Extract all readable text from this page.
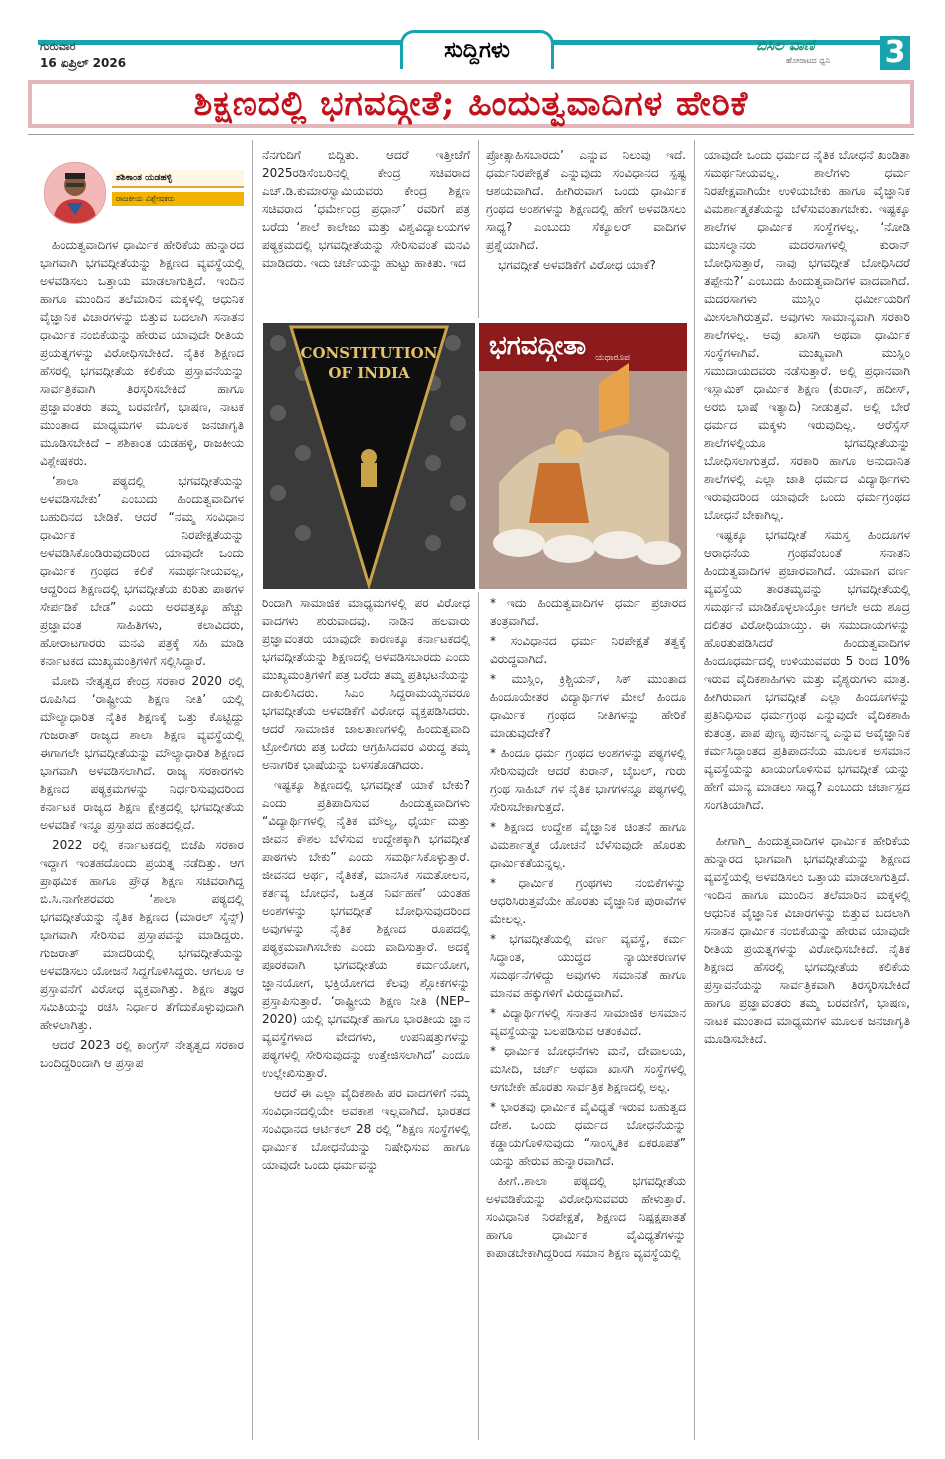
ಗುರುವಾರ
16 ಏಪ್ರಿಲ್ 2026	ಸುದ್ದಿಗಳು	ಬಿಸಿಲ ವಾಣಿ
ಹೋರಾಟದ ಧ್ವನಿ 3
ಶಿಕ್ಷಣದಲ್ಲಿ ಭಗವದ್ಗೀತೆ; ಹಿಂದುತ್ವವಾದಿಗಳ ಹೇರಿಕೆ
ಶಶಿಕಾಂತ ಯಡಹಳ್ಳಿ
ರಾಜಕೀಯ ವಿಶ್ಲೇಷಕರು

ಹಿಂದುತ್ವವಾದಿಗಳ ಧಾರ್ಮಿಕ ಹೇರಿಕೆಯ ಹುನ್ನಾರದ ಭಾಗವಾಗಿ ಭಗವದ್ಗೀತೆಯನ್ನು ಶಿಕ್ಷಣದ ವ್ಯವಸ್ಥೆಯಲ್ಲಿ ಅಳವಡಿಸಲು ಒತ್ತಾಯ ಮಾಡಲಾಗುತ್ತಿದೆ. ಇಂದಿನ ಹಾಗೂ ಮುಂದಿನ ತಲೆಮಾರಿನ ಮಕ್ಕಳಲ್ಲಿ ಆಧುನಿಕ ವೈಜ್ಞಾನಿಕ ವಿಚಾರಗಳನ್ನು ಬಿತ್ತುವ ಬದಲಾಗಿ ಸನಾತನ ಧಾರ್ಮಿಕ ನಂಬಿಕೆಯನ್ನು ಹೇರುವ ಯಾವುದೇ ರೀತಿಯ ಪ್ರಯತ್ನಗಳನ್ನು ವಿರೋಧಿಸಬೇಕಿದೆ. ನೈತಿಕ ಶಿಕ್ಷಣದ ಹೆಸರಲ್ಲಿ ಭಗವದ್ಗೀತೆಯ ಕಲಿಕೆಯ ಪ್ರಸ್ತಾವನೆಯನ್ನು ಸಾರ್ವತ್ರಿಕವಾಗಿ ತಿರಸ್ಕರಿಸಬೇಕಿದೆ ಹಾಗೂ ಪ್ರಜ್ಞಾವಂತರು ತಮ್ಮ ಬರವಣಿಗೆ, ಭಾಷಣ, ನಾಟಕ ಮುಂತಾದ ಮಾಧ್ಯಮಗಳ ಮೂಲಕ ಜನಜಾಗೃತಿ ಮೂಡಿಸಬೇಕಿದೆ – ಶಶಿಕಾಂತ ಯಡಹಳ್ಳಿ, ರಾಜಕೀಯ ವಿಶ್ಲೇಷಕರು.

‘ಶಾಲಾ ಪಠ್ಯದಲ್ಲಿ ಭಗವದ್ಗೀತೆಯನ್ನು ಅಳವಡಿಸಬೇಕು’ ಎಂಬುದು ಹಿಂದುತ್ವವಾದಿಗಳ ಬಹುದಿನದ ಬೇಡಿಕೆ. ಆದರೆ “ನಮ್ಮ ಸಂವಿಧಾನ ಧಾರ್ಮಿಕ ನಿರಪೇಕ್ಷತೆಯನ್ನು ಅಳವಡಿಸಿಕೊಂಡಿರುವುದರಿಂದ ಯಾವುದೇ ಒಂದು ಧಾರ್ಮಿಕ ಗ್ರಂಥದ ಕಲಿಕೆ ಸಮರ್ಥನೀಯವಲ್ಲ, ಆದ್ದರಿಂದ ಶಿಕ್ಷಣದಲ್ಲಿ ಭಗವದ್ಗೀತೆಯ ಕುರಿತು ಪಾಠಗಳ ಸೇರ್ಪಡಿಕೆ ಬೇಡ” ಎಂದು ಅರವತ್ತಕ್ಕೂ ಹೆಚ್ಚು ಪ್ರಜ್ಞಾವಂತ ಸಾಹಿತಿಗಳು, ಕಲಾವಿದರು, ಹೋರಾಟಗಾರರು ಮನವಿ ಪತ್ರಕ್ಕೆ ಸಹಿ ಮಾಡಿ ಕರ್ನಾಟಕದ ಮುಖ್ಯಮಂತ್ರಿಗಳಿಗೆ ಸಲ್ಲಿಸಿದ್ದಾರೆ.

ಮೋದಿ ನೇತೃತ್ವದ ಕೇಂದ್ರ ಸರಕಾರ 2020 ರಲ್ಲಿ ರೂಪಿಸಿದ ‘ರಾಷ್ಟ್ರೀಯ ಶಿಕ್ಷಣ ನೀತಿ’ ಯಲ್ಲಿ ಮೌಲ್ಯಾಧಾರಿತ ನೈತಿಕ ಶಿಕ್ಷಣಕ್ಕೆ ಒತ್ತು ಕೊಟ್ಟಿದ್ದು ಗುಜರಾತ್ ರಾಜ್ಯದ ಶಾಲಾ ಶಿಕ್ಷಣ ವ್ಯವಸ್ಥೆಯಲ್ಲಿ ಈಗಾಗಲೇ ಭಗವದ್ಗೀತೆಯನ್ನು ಮೌಲ್ಯಾಧಾರಿತ ಶಿಕ್ಷಣದ ಭಾಗವಾಗಿ ಅಳವಡಿಸಲಾಗಿದೆ. ರಾಜ್ಯ ಸರಕಾರಗಳು ಶಿಕ್ಷಣದ ಪಠ್ಯಕ್ರಮಗಳನ್ನು ನಿರ್ಧರಿಸುವುದರಿಂದ ಕರ್ನಾಟಕ ರಾಜ್ಯದ ಶಿಕ್ಷಣ ಕ್ಷೇತ್ರದಲ್ಲಿ ಭಗವದ್ಗೀತೆಯ ಅಳವಡಿಕೆ ಇನ್ನೂ ಪ್ರಸ್ತಾಪದ ಹಂತದಲ್ಲಿದೆ.

2022 ರಲ್ಲಿ ಕರ್ನಾಟಕದಲ್ಲಿ ಬಿಜೆಪಿ ಸರಕಾರ ಇದ್ದಾಗ ಇಂತಹದೊಂದು ಪ್ರಯತ್ನ ನಡೆದಿತ್ತು. ಆಗ ಪ್ರಾಥಮಿಕ ಹಾಗೂ ಪ್ರೌಢ ಶಿಕ್ಷಣ ಸಚಿವರಾಗಿದ್ದ ಬಿ.ಸಿ.ನಾಗೇಶರವರು ‘ಶಾಲಾ ಪಠ್ಯದಲ್ಲಿ ಭಗವದ್ಗೀತೆಯನ್ನು ನೈತಿಕ ಶಿಕ್ಷಣದ (ಮಾರಲ್ ಸೈನ್ಸ್) ಭಾಗವಾಗಿ ಸೇರಿಸುವ ಪ್ರಸ್ತಾಪವನ್ನು ಮಾಡಿದ್ದರು. ಗುಜರಾತ್ ಮಾದರಿಯಲ್ಲಿ ಭಗವದ್ಗೀತೆಯನ್ನು ಅಳವಡಿಸಲು ಯೋಜನೆ ಸಿದ್ದಗೊಳಿಸಿದ್ದರು. ಆಗಲೂ ಆ ಪ್ರಸ್ತಾವನೆಗೆ ವಿರೋಧ ವ್ಯಕ್ತವಾಗಿತ್ತು. ಶಿಕ್ಷಣ ತಜ್ಞರ ಸಮಿತಿಯನ್ನು ರಚಿಸಿ ನಿರ್ಧಾರ ತೆಗೆದುಕೊಳ್ಳುವುದಾಗಿ ಹೇಳಲಾಗಿತ್ತು.

ಆದರೆ 2023 ರಲ್ಲಿ ಕಾಂಗ್ರೆಸ್ ನೇತೃತ್ವದ ಸರಕಾರ ಬಂದಿದ್ದರಿಂದಾಗಿ ಆ ಪ್ರಸ್ತಾಪ

ನೆನಗುದಿಗೆ ಬಿದ್ದಿತು. ಆದರೆ ಇತ್ತೀಚೆಗೆ 2025ರಡಿಸೆಂಬರಿನಲ್ಲಿ ಕೇಂದ್ರ ಸಚಿವರಾದ ಎಚ್.ಡಿ.ಕುಮಾರಸ್ವಾಮಿಯವರು ಕೇಂದ್ರ ಶಿಕ್ಷಣ ಸಚಿವರಾದ ‘ಧರ್ಮೇಂದ್ರ ಪ್ರಧಾನ್’ ರವರಿಗೆ ಪತ್ರ ಬರೆದು ‘ಶಾಲೆ ಕಾಲೇಜು ಮತ್ತು ವಿಶ್ವವಿದ್ಯಾಲಯಗಳ ಪಠ್ಯಕ್ರಮದಲ್ಲಿ ಭಗವದ್ಗೀತೆಯನ್ನು ಸೇರಿಸುವಂತೆ ಮನವಿ ಮಾಡಿದರು. ಇದು ಚರ್ಚೆಯನ್ನು ಹುಟ್ಟು ಹಾಕಿತು. ಇದ

ಪ್ರೋತ್ಸಾಹಿಸಬಾರದು’ ಎನ್ನುವ ನಿಲುವು ಇದೆ. ಧರ್ಮನಿರಪೇಕ್ಷತೆ ಎನ್ನುವುದು ಸಂವಿಧಾನದ ಸ್ಪಷ್ಟ ಆಶಯವಾಗಿದೆ. ಹೀಗಿರುವಾಗ ಒಂದು ಧಾರ್ಮಿಕ ಗ್ರಂಥದ ಅಂಶಗಳನ್ನು ಶಿಕ್ಷಣದಲ್ಲಿ ಹೇಗೆ ಅಳವಡಿಸಲು ಸಾಧ್ಯ? ಎಂಬುದು ಸೆಕ್ಯೂಲರ್ ವಾದಿಗಳ ಪ್ರಶ್ನೆಯಾಗಿದೆ.

ಭಗವದ್ಗೀತೆ ಅಳವಡಿಕೆಗೆ ವಿರೋಧ ಯಾಕೆ?

CONSTITUTION OF INDIA
ಭಗವದ್ಗೀತಾ ಯಥಾರೂಪ

ರಿಂದಾಗಿ ಸಾಮಾಜಿಕ ಮಾಧ್ಯಮಗಳಲ್ಲಿ ಪರ ವಿರೋಧ ವಾದಗಳು ಶುರುವಾದವು. ನಾಡಿನ ಹಲವಾರು ಪ್ರಜ್ಞಾವಂತರು ಯಾವುದೇ ಕಾರಣಕ್ಕೂ ಕರ್ನಾಟಕದಲ್ಲಿ ಭಗವದ್ಗೀತೆಯನ್ನು ಶಿಕ್ಷಣದಲ್ಲಿ ಅಳವಡಿಸಬಾರದು ಎಂದು ಮುಖ್ಯಮಂತ್ರಿಗಳಿಗೆ ಪತ್ರ ಬರೆದು ತಮ್ಮ ಪ್ರತಿಭಟನೆಯನ್ನು ದಾಖಲಿಸಿದರು. ಸಿಎಂ ಸಿದ್ದರಾಮಯ್ಯನವರೂ ಭಗವದ್ಗೀತೆಯ ಅಳವಡಿಕೆಗೆ ವಿರೋಧ ವ್ಯಕ್ತಪಡಿಸಿದರು. ಆದರೆ ಸಾಮಾಜಿಕ ಜಾಲತಾಣಗಳಲ್ಲಿ ಹಿಂದುತ್ವವಾದಿ ಟ್ರೋಲಿಗರು ಪತ್ರ ಬರೆದು ಆಗ್ರಹಿಸಿದವರ ವಿರುದ್ಧ ತಮ್ಮ ಅನಾಗರಿಕ ಭಾಷೆಯನ್ನು ಬಳಸತೊಡಗಿದರು.

ಇಷ್ಟಕ್ಕೂ ಶಿಕ್ಷಣದಲ್ಲಿ ಭಗವದ್ಗೀತೆ ಯಾಕೆ ಬೇಕು? ಎಂದು ಪ್ರತಿಪಾದಿಸುವ ಹಿಂದುತ್ವವಾದಿಗಳು “ವಿದ್ಯಾರ್ಥಿಗಳಲ್ಲಿ ನೈತಿಕ ಮೌಲ್ಯ, ಧೈರ್ಯ ಮತ್ತು ಜೀವನ ಕೌಶಲ ಬೆಳೆಸುವ ಉದ್ದೇಶಕ್ಕಾಗಿ ಭಗವದ್ಗೀತೆ ಪಾಠಗಳು ಬೇಕು” ಎಂದು ಸಮರ್ಥಿಸಿಕೊಳ್ಳುತ್ತಾರೆ. ಜೀವನದ ಅರ್ಥ, ನೈತಿಕತೆ, ಮಾನಸಿಕ ಸಮತೋಲನ, ಕರ್ತವ್ಯ ಬೋಧನೆ, ಒತ್ತಡ ನಿರ್ವಹಣೆ’ ಯಂತಹ ಅಂಶಗಳನ್ನು ಭಗವದ್ಗೀತೆ ಬೋಧಿಸುವುದರಿಂದ ಅವುಗಳನ್ನು ನೈತಿಕ ಶಿಕ್ಷಣದ ರೂಪದಲ್ಲಿ ಪಠ್ಯಕ್ರಮವಾಗಿಸಬೇಕು ಎಂದು ವಾದಿಸುತ್ತಾರೆ. ಅದಕ್ಕೆ ಪೂರಕವಾಗಿ ಭಗವದ್ಗೀತೆಯ ಕರ್ಮಯೋಗ, ಜ್ಞಾನಯೋಗ, ಭಕ್ತಿಯೋಗದ ಕೆಲವು ಶ್ಲೋಕಗಳನ್ನು ಪ್ರಸ್ತಾಪಿಸುತ್ತಾರೆ. ‘ರಾಷ್ಟ್ರೀಯ ಶಿಕ್ಷಣ ನೀತಿ (NEP–2020) ಯಲ್ಲಿ ಭಗವದ್ಗೀತೆ ಹಾಗೂ ಭಾರತೀಯ ಜ್ಞಾನ ವ್ಯವಸ್ಥೆಗಳಾದ ವೇದಗಳು, ಉಪನಿಷತ್ತುಗಳನ್ನು ಪಠ್ಯಗಳಲ್ಲಿ ಸೇರಿಸುವುದನ್ನು ಉತ್ತೇಜಿಸಲಾಗಿದೆ’ ಎಂದೂ ಉಲ್ಲೇಖಿಸುತ್ತಾರೆ.

ಆದರೆ ಈ ಎಲ್ಲಾ ವೈದಿಕಶಾಹಿ ಪರ ವಾದಗಳಿಗೆ ನಮ್ಮ ಸಂವಿಧಾನದಲ್ಲಿಯೇ ಅವಕಾಶ ಇಲ್ಲವಾಗಿದೆ. ಭಾರತದ ಸಂವಿಧಾನದ ಆರ್ಟಿಕಲ್ 28 ರಲ್ಲಿ “ಶಿಕ್ಷಣ ಸಂಸ್ಥೆಗಳಲ್ಲಿ ಧಾರ್ಮಿಕ ಬೋಧನೆಯನ್ನು ನಿಷೇಧಿಸುವ ಹಾಗೂ ಯಾವುದೇ ಒಂದು ಧರ್ಮವನ್ನು

* ಇದು ಹಿಂದುತ್ವವಾದಿಗಳ ಧರ್ಮ ಪ್ರಚಾರದ ತಂತ್ರವಾಗಿದೆ.

* ಸಂವಿಧಾನದ ಧರ್ಮ ನಿರಪೇಕ್ಷತೆ ತತ್ವಕ್ಕೆ ವಿರುದ್ಧವಾಗಿದೆ.

* ಮುಸ್ಲಿಂ, ಕ್ರಿಶ್ಚಿಯನ್, ಸಿಕ್ ಮುಂತಾದ ಹಿಂದೂಯೇತರ ವಿದ್ಯಾರ್ಥಿಗಳ ಮೇಲೆ ಹಿಂದೂ ಧಾರ್ಮಿಕ ಗ್ರಂಥದ ನೀತಿಗಳನ್ನು ಹೇರಿಕೆ ಮಾಡುವುದೇಕೆ?

* ಹಿಂದೂ ಧರ್ಮ ಗ್ರಂಥದ ಅಂಶಗಳನ್ನು ಪಠ್ಯಗಳಲ್ಲಿ ಸೇರಿಸುವುದೇ ಆದರೆ ಕುರಾನ್, ಬೈಬಲ್, ಗುರು ಗ್ರಂಥ ಸಾಹಿಬ್ ಗಳ ನೈತಿಕ ಭಾಗಗಳನ್ನೂ ಪಠ್ಯಗಳಲ್ಲಿ ಸೇರಿಸಬೇಕಾಗುತ್ತದೆ.

* ಶಿಕ್ಷಣದ ಉದ್ದೇಶ ವೈಜ್ಞಾನಿಕ ಚಿಂತನೆ ಹಾಗೂ ವಿಮರ್ಶಾತ್ಮಕ ಯೋಚನೆ ಬೆಳೆಸುವುದೇ ಹೊರತು ಧಾರ್ಮಿಕತೆಯನ್ನಲ್ಲ.

* ಧಾರ್ಮಿಕ ಗ್ರಂಥಗಳು ನಂಬಿಕೆಗಳನ್ನು ಆಧರಿಸಿರುತ್ತವೆಯೇ ಹೊರತು ವೈಜ್ಞಾನಿಕ ಪುರಾವೆಗಳ ಮೇಲಲ್ಲ.

* ಭಗವದ್ಗೀತೆಯಲ್ಲಿ ವರ್ಣ ವ್ಯವಸ್ಥೆ, ಕರ್ಮ ಸಿದ್ಧಾಂತ, ಯುದ್ಧದ ನ್ಯಾಯೀಕರಣಗಳ ಸಮರ್ಥನೆಗಳಿದ್ದು ಅವುಗಳು ಸಮಾನತೆ ಹಾಗೂ ಮಾನವ ಹಕ್ಕುಗಳಿಗೆ ವಿರುದ್ಧವಾಗಿವೆ.

* ವಿದ್ಯಾರ್ಥಿಗಳಲ್ಲಿ ಸನಾತನ ಸಾಮಾಜಿಕ ಅಸಮಾನ ವ್ಯವಸ್ಥೆಯನ್ನು ಬಲಪಡಿಸುವ ಆತಂಕವಿದೆ.

* ಧಾರ್ಮಿಕ ಬೋಧನೆಗಳು ಮನೆ, ದೇವಾಲಯ, ಮಸೀದಿ, ಚರ್ಚ್ ಅಥವಾ ಖಾಸಗಿ ಸಂಸ್ಥೆಗಳಲ್ಲಿ ಆಗಬೇಕೇ ಹೊರತು ಸಾರ್ವತ್ರಿಕ ಶಿಕ್ಷಣದಲ್ಲಿ ಅಲ್ಲ.

* ಭಾರತವು ಧಾರ್ಮಿಕ ವೈವಿಧ್ಯತೆ ಇರುವ ಬಹುತ್ವದ ದೇಶ. ಒಂದು ಧರ್ಮದ ಬೋಧನೆಯನ್ನು ಕಡ್ಡಾಯಗೊಳಿಸುವುದು “ಸಾಂಸ್ಕೃತಿಕ ಏಕರೂಪತೆ” ಯನ್ನು ಹೇರುವ ಹುನ್ನಾರವಾಗಿದೆ.

ಹೀಗೆ..ಶಾಲಾ ಪಠ್ಯದಲ್ಲಿ ಭಗವದ್ಗೀತೆಯ ಅಳವಡಿಕೆಯನ್ನು ವಿರೋಧಿಸುವವರು ಹೇಳುತ್ತಾರೆ. ಸಂವಿಧಾನಿಕ ನಿರಪೇಕ್ಷತೆ, ಶಿಕ್ಷಣದ ನಿಷ್ಪಕ್ಷಪಾತತೆ ಹಾಗೂ ಧಾರ್ಮಿಕ ವೈವಿಧ್ಯತೆಗಳನ್ನು ಕಾಪಾಡಬೇಕಾಗಿದ್ದರಿಂದ ಸಮಾನ ಶಿಕ್ಷಣ ವ್ಯವಸ್ಥೆಯಲ್ಲಿ

ಯಾವುದೇ ಒಂದು ಧರ್ಮದ ನೈತಿಕ ಬೋಧನೆ ಖಂಡಿತಾ ಸಮರ್ಥನೀಯವಲ್ಲ. ಶಾಲೆಗಳು ಧರ್ಮ ನಿರಪೇಕ್ಷವಾಗಿಯೇ ಉಳಿಯಬೇಕು ಹಾಗೂ ವೈಜ್ಞಾನಿಕ ವಿಮರ್ಶಾತ್ಮಕತೆಯನ್ನು ಬೆಳೆಸುವಂತಾಗಬೇಕು. ಇಷ್ಟಕ್ಕೂ ಶಾಲೆಗಳ ಧಾರ್ಮಿಕ ಸಂಸ್ಥೆಗಳಲ್ಲ. ‘ನೋಡಿ ಮುಸಲ್ಮಾನರು ಮದರಸಾಗಳಲ್ಲಿ ಕುರಾನ್ ಬೋಧಿಸುತ್ತಾರೆ, ನಾವು ಭಗವದ್ಗೀತೆ ಬೋಧಿಸಿದರೆ ತಪ್ಪೇನು?’ ಎಂಬುದು ಹಿಂದುತ್ವವಾದಿಗಳ ವಾದವಾಗಿದೆ. ಮದರಸಾಗಳು ಮುಸ್ಲಿಂ ಧರ್ಮೀಯರಿಗೆ ಮೀಸಲಾಗಿರುತ್ತವೆ. ಅವುಗಳು ಸಾಮಾನ್ಯವಾಗಿ ಸರಕಾರಿ ಶಾಲೆಗಳಲ್ಲ. ಅವು ಖಾಸಗಿ ಅಥವಾ ಧಾರ್ಮಿಕ ಸಂಸ್ಥೆಗಳಾಗಿವೆ. ಮುಖ್ಯವಾಗಿ ಮುಸ್ಲಿಂ ಸಮುದಾಯದವರು ನಡೆಸುತ್ತಾರೆ. ಅಲ್ಲಿ ಪ್ರಧಾನವಾಗಿ ಇಸ್ಲಾಮಿಕ್ ಧಾರ್ಮಿಕ ಶಿಕ್ಷಣ (ಕುರಾನ್, ಹದೀಸ್, ಅರಬಿ ಭಾಷೆ ಇತ್ಯಾದಿ) ನೀಡುತ್ತವೆ. ಅಲ್ಲಿ ಬೇರೆ ಧರ್ಮದ ಮಕ್ಕಳು ಇರುವುದಿಲ್ಲ. ಆರೆಸ್ಸೆಸ್ ಶಾಲೆಗಳಲ್ಲಿಯೂ ಭಗವದ್ಗೀತೆಯನ್ನು ಬೋಧಿಸಲಾಗುತ್ತದೆ. ಸರಕಾರಿ ಹಾಗೂ ಅನುದಾನಿತ ಶಾಲೆಗಳಲ್ಲಿ ಎಲ್ಲಾ ಜಾತಿ ಧರ್ಮದ ವಿದ್ಯಾರ್ಥಿಗಳು ಇರುವುದರಿಂದ ಯಾವುದೇ ಒಂದು ಧರ್ಮಗ್ರಂಥದ ಬೋಧನೆ ಬೇಕಾಗಿಲ್ಲ.

ಇಷ್ಟಕ್ಕೂ ಭಗವದ್ಗೀತೆ ಸಮಸ್ತ ಹಿಂದೂಗಳ ಆರಾಧನೆಯ ಗ್ರಂಥವೆಂಬಂತೆ ಸನಾತನಿ ಹಿಂದುತ್ವವಾದಿಗಳ ಪ್ರಚಾರವಾಗಿದೆ. ಯಾವಾಗ ವರ್ಣ ವ್ಯವಸ್ಥೆಯ ತಾರತಮ್ಯವನ್ನು ಭಗವದ್ಗೀತೆಯಲ್ಲಿ ಸಮರ್ಥನೆ ಮಾಡಿಕೊಳ್ಳಲಾಯ್ತೋ ಆಗಲೇ ಅದು ಶೂದ್ರ ದಲಿತರ ವಿರೋಧಿಯಾಯ್ತು. ಈ ಸಮುದಾಯಗಳನ್ನು ಹೊರತುಪಡಿಸಿದರೆ ಹಿಂದುತ್ವವಾದಿಗಳ ಹಿಂದೂಧರ್ಮದಲ್ಲಿ ಉಳಿಯುವವರು 5 ರಿಂದ 10% ಇರುವ ವೈದಿಕಶಾಹಿಗಳು ಮತ್ತು ವೈಶ್ಯರುಗಳು ಮಾತ್ರ. ಹೀಗಿರುವಾಗ ಭಗವದ್ಗೀತೆ ಎಲ್ಲಾ ಹಿಂದೂಗಳನ್ನು ಪ್ರತಿನಿಧಿಸುವ ಧರ್ಮಗ್ರಂಥ ಎನ್ನುವುದೇ ವೈದಿಕಶಾಹಿ ಕುತಂತ್ರ. ಪಾಪ ಪುಣ್ಯ ಪುನರ್ಜನ್ಮ ಎನ್ನುವ ಅವೈಜ್ಞಾನಿಕ ಕರ್ಮಸಿದ್ಧಾಂತದ ಪ್ರತಿಪಾದನೆಯ ಮೂಲಕ ಅಸಮಾನ ವ್ಯವಸ್ಥೆಯನ್ನು ಖಾಯಂಗೊಳಿಸುವ ಭಗವದ್ಗೀತೆ ಯನ್ನು ಹೇಗೆ ಮಾನ್ಯ ಮಾಡಲು ಸಾಧ್ಯ? ಎಂಬುದು ಚರ್ಚಾಸ್ಪದ ಸಂಗತಿಯಾಗಿದೆ.

ಹೀಗಾಗಿ_ ಹಿಂದುತ್ವವಾದಿಗಳ ಧಾರ್ಮಿಕ ಹೇರಿಕೆಯ ಹುನ್ನಾರದ ಭಾಗವಾಗಿ ಭಗವದ್ಗೀತೆಯನ್ನು ಶಿಕ್ಷಣದ ವ್ಯವಸ್ಥೆಯಲ್ಲಿ ಅಳವಡಿಸಲು ಒತ್ತಾಯ ಮಾಡಲಾಗುತ್ತಿದೆ. ಇಂದಿನ ಹಾಗೂ ಮುಂದಿನ ತಲೆಮಾರಿನ ಮಕ್ಕಳಲ್ಲಿ ಆಧುನಿಕ ವೈಜ್ಞಾನಿಕ ವಿಚಾರಗಳನ್ನು ಬಿತ್ತುವ ಬದಲಾಗಿ ಸನಾತನ ಧಾರ್ಮಿಕ ನಂಬಿಕೆಯನ್ನು ಹೇರುವ ಯಾವುದೇ ರೀತಿಯ ಪ್ರಯತ್ನಗಳನ್ನು ವಿರೋಧಿಸಬೇಕಿದೆ. ನೈತಿಕ ಶಿಕ್ಷಣದ ಹೆಸರಲ್ಲಿ ಭಗವದ್ಗೀತೆಯ ಕಲಿಕೆಯ ಪ್ರಸ್ತಾವನೆಯನ್ನು ಸಾರ್ವತ್ರಿಕವಾಗಿ ತಿರಸ್ಕರಿಸಬೇಕಿದೆ ಹಾಗೂ ಪ್ರಜ್ಞಾವಂತರು ತಮ್ಮ ಬರವಣಿಗೆ, ಭಾಷಣ, ನಾಟಕ ಮುಂತಾದ ಮಾಧ್ಯಮಗಳ ಮೂಲಕ ಜನಜಾಗೃತಿ ಮೂಡಿಸಬೇಕಿದೆ.
